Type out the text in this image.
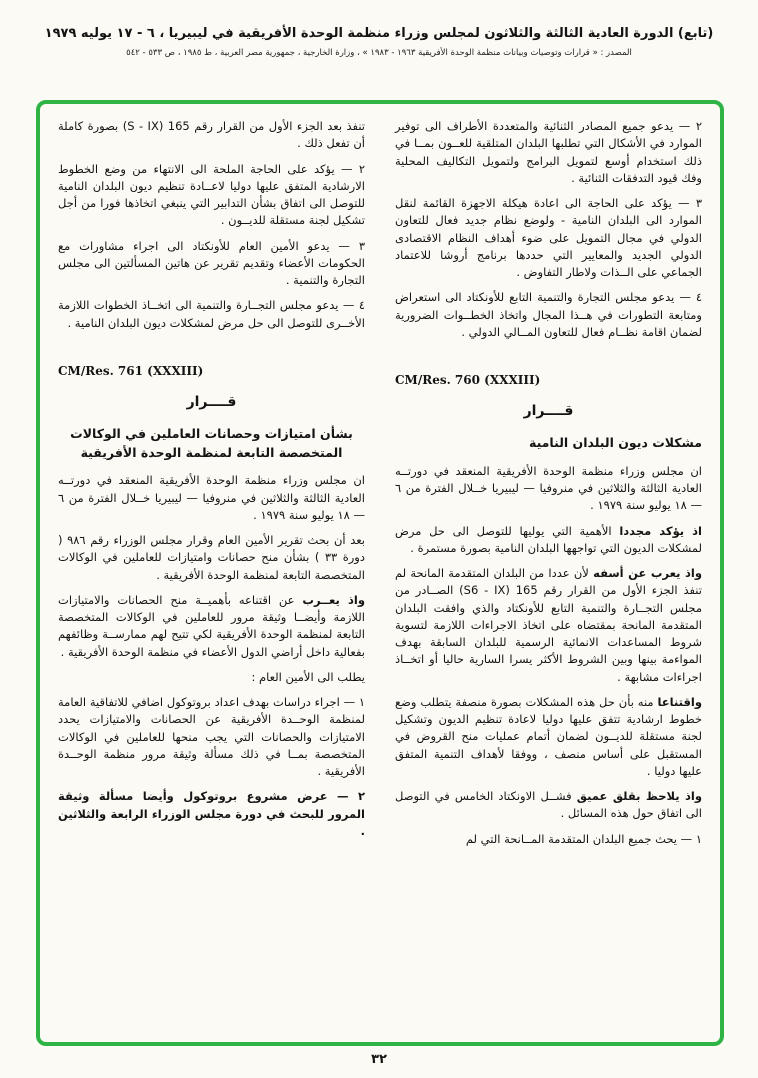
(تابع) الدورة العادية الثالثة والثلاثون لمجلس وزراء منظمة الوحدة الأفريقية في ليبيريا ، ٦ - ١٧ يوليه ١٩٧٩
المصدر : « قرارات وتوصيات وبيانات منظمة الوحدة الأفريقية ١٩٦٣ - ١٩٨٣ » ، وزارة الخارجية ، جمهورية مصر العربية ، ط ١٩٨٥ ، ص ٥٣٣ - ٥٤٢

٢ — يدعو جميع المصادر الثنائية والمتعددة الأطراف الى توفير الموارد في الأشكال التي تطلبها البلدان المتلقية للعــون بمــا في ذلك استخدام أوسع لتمويل البرامج ولتمويل التكاليف المحلية وفك قيود التدفقات الثنائية .

٣ — يؤكد على الحاجة الى اعادة هيكلة الاجهزة القائمة لنقل الموارد الى البلدان النامية - ولوضع نظام جديد فعال للتعاون الدولي في مجال التمويل على ضوء أهداف النظام الاقتصادى الدولي الجديد والمعايير التي حددها برنامج أروشا للاعتماد الجماعي على الــذات ولاطار التفاوض .

٤ — يدعو مجلس التجارة والتنمية التابع للأونكتاد الى استعراض ومتابعة التطورات في هــذا المجال واتخاذ الخطــوات الضرورية لضمان اقامة نظــام فعال للتعاون المــالي الدولي .

CM/Res. 760 (XXXIII)

قــــرار

مشكلات ديون البلدان النامية

ان مجلس وزراء منظمة الوحدة الأفريقية المنعقد في دورتــه العادية الثالثة والثلاثين في منروفيا — ليبيريا خــلال الفترة من ٦ — ١٨ يوليو سنة ١٩٧٩ .

اذ يؤكد مجددا الأهمية التي يوليها للتوصل الى حل مرض لمشكلات الديون التي تواجهها البلدان النامية بصورة مستمرة .

واذ يعرب عن أسفه لأن عددا من البلدان المتقدمة المانحة لم تنفذ الجزء الأول من القرار رقم 165 (S6 - IX) الصــادر من مجلس التجــارة والتنمية التابع للأونكتاد والذي وافقت البلدان المتقدمة المانحة بمقتضاه على اتخاذ الاجراءات اللازمة لتسوية شروط المساعدات الانمائية الرسمية للبلدان السابقة بهدف المواءمة بينها وبين الشروط الأكثر يسرا السارية حاليا أو اتخــاذ اجراءات مشابهة .

واقتناعا منه بأن حل هذه المشكلات بصورة منصفة يتطلب وضع خطوط ارشادية تتفق عليها دوليا لاعادة تنظيم الديون وتشكيل لجنة مستقلة للديــون لضمان أتمام عمليات منح القروض في المستقبل على أساس منصف ، ووفقا لأهداف التنمية المتفق عليها دوليا .

واذ يلاحظ بقلق عميق فشــل الاونكتاد الخامس في التوصل الى اتفاق حول هذه المسائل .

١ — يحث جميع البلدان المتقدمة المــانحة التي لم

تنفذ بعد الجزء الأول من القرار رقم 165 (S - IX) بصورة كاملة أن تفعل ذلك .

٢ — يؤكد على الحاجة الملحة الى الانتهاء من وضع الخطوط الارشادية المتفق عليها دوليا لاعــادة تنظيم ديون البلدان النامية للتوصل الى اتفاق بشأن التدابير التي ينبغي اتخاذها فورا من أجل تشكيل لجنة مستقلة للديــون .

٣ — يدعو الأمين العام للأونكتاد الى اجراء مشاورات مع الحكومات الأعضاء وتقديم تقرير عن هاتين المسألتين الى مجلس التجارة والتنمية .

٤ — يدعو مجلس التجــارة والتنمية الى اتخــاذ الخطوات اللازمة الأخــرى للتوصل الى حل مرض لمشكلات ديون البلدان النامية .

CM/Res. 761 (XXXIII)

قــــرار

بشأن امتيازات وحصانات العاملين في الوكالات المتخصصة التابعة لمنظمة الوحدة الأفريقية

ان مجلس وزراء منظمة الوحدة الأفريقية المنعقد في دورتــه العادية الثالثة والثلاثين في منروفيا — ليبيريا خــلال الفترة من ٦ — ١٨ يوليو سنة ١٩٧٩ .

بعد أن بحث تقرير الأمين العام وقرار مجلس الوزراء رقم ٩٨٦ ( دورة ٣٣ ) بشأن منح حصانات وامتيازات للعاملين في الوكالات المتخصصة التابعة لمنظمة الوحدة الأفريقية .

واذ يعــرب عن اقتناعه بأهميــة منح الحصانات والامتيازات اللازمة وأيضــا وثيقة مرور للعاملين في الوكالات المتخصصة التابعة لمنظمة الوحدة الأفريقية لكي تتيح لهم ممارســة وظائفهم بفعالية داخل أراضي الدول الأعضاء في منظمة الوحدة الأفريقية .

يطلب الى الأمين العام :

١ — اجراء دراسات بهدف اعداد بروتوكول اضافي للاتفاقية العامة لمنظمة الوحــدة الأفريقية عن الحصانات والامتيازات يحدد الامتيازات والحصانات التي يجب منحها للعاملين في الوكالات المتخصصة بمــا في ذلك مسألة وثيقة مرور منظمة الوحــدة الأفريقية .

٢ — عرض مشروع بروتوكول وأيضا مسألة وثيقة المرور للبحث في دورة مجلس الوزراء الرابعة والثلاثين .

٣٢
